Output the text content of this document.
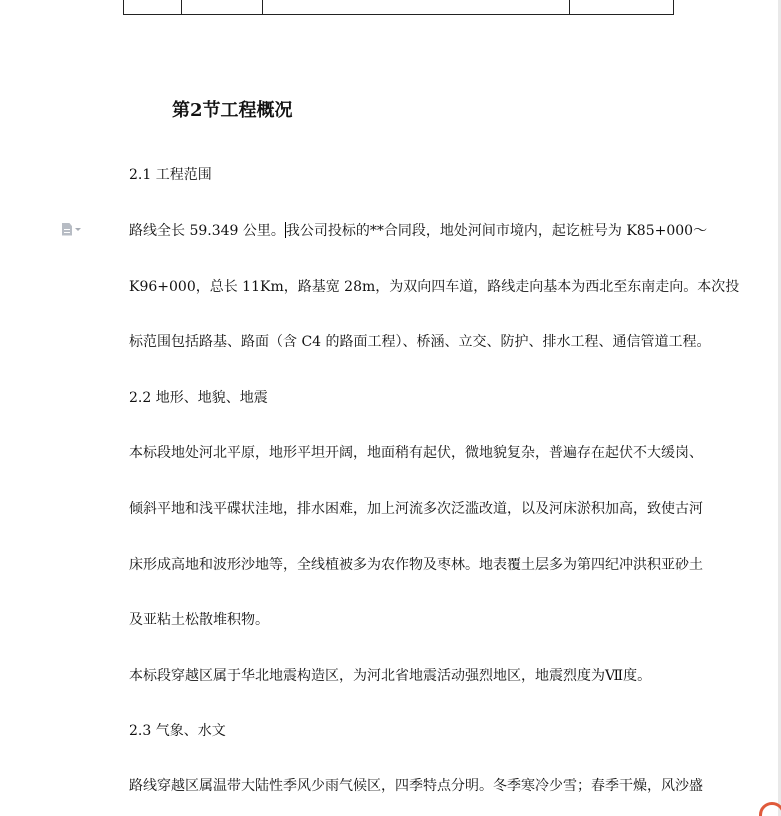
第2节工程概况
2.1 工程范围
路线全长 59.349 公里。我公司投标的**合同段，地处河间市境内，起讫桩号为 K85+000～
K96+000，总长 11Km，路基宽 28m，为双向四车道，路线走向基本为西北至东南走向。本次投
标范围包括路基、路面（含 C4 的路面工程）、桥涵、立交、防护、排水工程、通信管道工程。
2.2 地形、地貌、地震
本标段地处河北平原，地形平坦开阔，地面稍有起伏，微地貌复杂，普遍存在起伏不大缓岗、
倾斜平地和浅平碟状洼地，排水困难，加上河流多次泛滥改道，以及河床淤积加高，致使古河
床形成高地和波形沙地等，全线植被多为农作物及枣林。地表覆土层多为第四纪冲洪积亚砂土
及亚粘土松散堆积物。
本标段穿越区属于华北地震构造区，为河北省地震活动强烈地区，地震烈度为Ⅶ度。
2.3 气象、水文
路线穿越区属温带大陆性季风少雨气候区，四季特点分明。冬季寒冷少雪；春季干燥，风沙盛
